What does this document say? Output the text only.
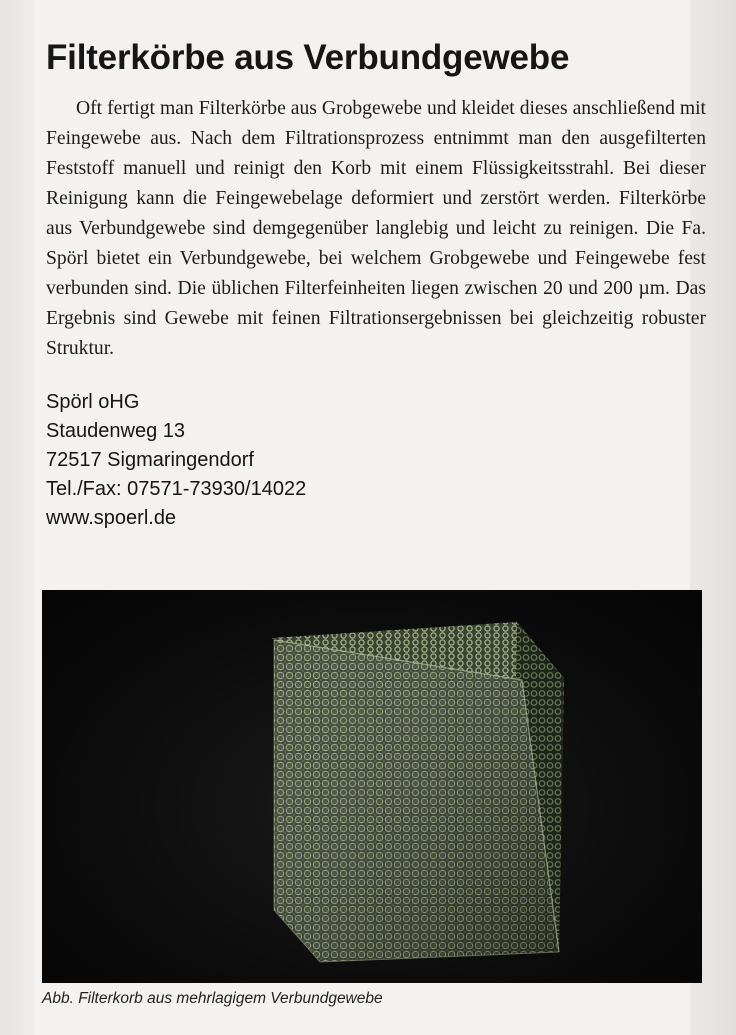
Filterkörbe aus Verbundgewebe

Oft fertigt man Filterkörbe aus Grobgewebe und kleidet dieses anschließend mit Feingewebe aus. Nach dem Filtrationsprozess entnimmt man den ausgefilterten Feststoff manuell und reinigt den Korb mit einem Flüssigkeitsstrahl. Bei dieser Reinigung kann die Feingewebelage deformiert und zerstört werden. Filterkörbe aus Verbundgewebe sind demgegenüber langlebig und leicht zu reinigen. Die Fa. Spörl bietet ein Verbundgewebe, bei welchem Grobgewebe und Feingewebe fest verbunden sind. Die üblichen Filterfeinheiten liegen zwischen 20 und 200 µm. Das Ergebnis sind Gewebe mit feinen Filtrationsergebnissen bei gleichzeitig robuster Struktur.

Spörl oHG
Staudenweg 13
72517 Sigmaringendorf
Tel./Fax: 07571-73930/14022
www.spoerl.de
Abb. Filterkorb aus mehrlagigem Verbundgewebe
